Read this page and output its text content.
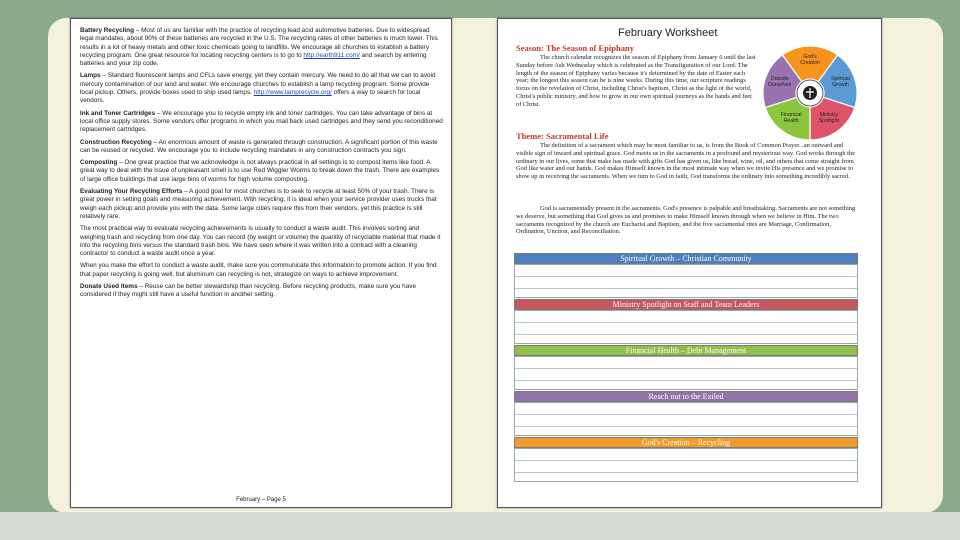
Battery Recycling – Most of us are familiar with the practice of recycling lead acid automotive batteries. Due to widespread legal mandates, about 90% of these batteries are recycled in the U.S. The recycling rates of other batteries is much lower. This results in a lot of heavy metals and other toxic chemicals going to landfills. We encourage all churches to establish a battery recycling program. One great resource for locating recycling centers is to go to http://earth911.com/ and search by entering batteries and your zip code.

Lamps – Standard fluorescent lamps and CFLs save energy, yet they contain mercury. We need to do all that we can to avoid mercury contamination of our land and water. We encourage churches to establish a lamp recycling program. Some provide local pickup. Others, provide boxes used to ship used lamps. http://www.lamprecycle.org/ offers a way to search for local vendors.

Ink and Toner Cartridges – We encourage you to recycle empty ink and toner cartridges. You can take advantage of bins at local office supply stores. Some vendors offer programs in which you mail back used cartridges and they send you reconditioned replacement cartridges.

Construction Recycling – An enormous amount of waste is generated through construction. A significant portion of this waste can be reused or recycled. We encourage you to include recycling mandates in any construction contracts you sign.

Composting – One great practice that we acknowledge is not always practical in all settings is to compost items like food. A great way to deal with the issue of unpleasant smell is to use Red Wiggler Worms to break down the trash. There are examples of large office buildings that use large bins of worms for high volume composting.

Evaluating Your Recycling Efforts – A good goal for most churches is to seek to recycle at least 50% of your trash. There is great power in setting goals and measuring achievement. With recycling, it is ideal when your service provider uses trucks that weigh each pickup and provide you with the data. Some large cities require this from their vendors, yet this practice is still relatively rare.

The most practical way to evaluate recycling achievements is usually to conduct a waste audit. This involves sorting and weighing trash and recycling from one day. You can record (by weight or volume) the quantity of recyclable material that made it into the recycling bins versus the standard trash bins. We have seen where it was written into a contract with a cleaning contractor to conduct a waste audit once a year.

When you make the effort to conduct a waste audit, make sure you communicate this information to promote action. If you find that paper recycling is going well, but aluminum can recycling is not, strategize on ways to achieve improvement.

Donate Used Items – Reuse can be better stewardship than recycling. Before recycling products, make sure you have considered if they might still have a useful function in another setting.

February – Page 5
February Worksheet
Season: The Season of Epiphany
The church calendar recognizes the season of Epiphany from January 6 until the last Sunday before Ash Wednesday which is celebrated as the Transfiguration of our Lord. The length of the season of Epiphany varies because it's determined by the date of Easter each year; the longest this season can be is nine weeks. During this time, our scripture readings focus on the revelation of Christ, including Christ's baptism, Christ as the light of the world, Christ's public ministry, and how to grow in our own spiritual journeys as the hands and feet of Christ.
God's Creation
Spiritual Growth
Ministry Spotlight
Financial Health
Outside Ourselves
Theme: Sacramental Life
The definition of a sacrament which may be most familiar to us, is from the Book of Common Prayer...an outward and visible sign of inward and spiritual grace. God meets us in the sacraments in a profound and mysterious way. God works through the ordinary in our lives, some that make has made with gifts God has given us, like bread, wine, oil, and others that come straight from God like water and our hands. God makes Himself known in the most intimate way when we invite His presence and we promise to show up in receiving the sacraments. When we turn to God in faith, God transforms the ordinary into something incredibly sacred.
God is sacramentally present in the sacraments. God's presence is palpable and breathtaking. Sacraments are not something we deserve, but something that God gives us and promises to make Himself known through when we believe in Him. The two sacraments recognized by the church are Eucharist and Baptism, and the five sacramental rites are Marriage, Confirmation, Ordination, Unction, and Reconciliation.
Spiritual Growth – Christian Community
Ministry Spotlight on Staff and Team Leaders
Financial Health – Debt Management
Reach out to the Exiled
God's Creation – Recycling
